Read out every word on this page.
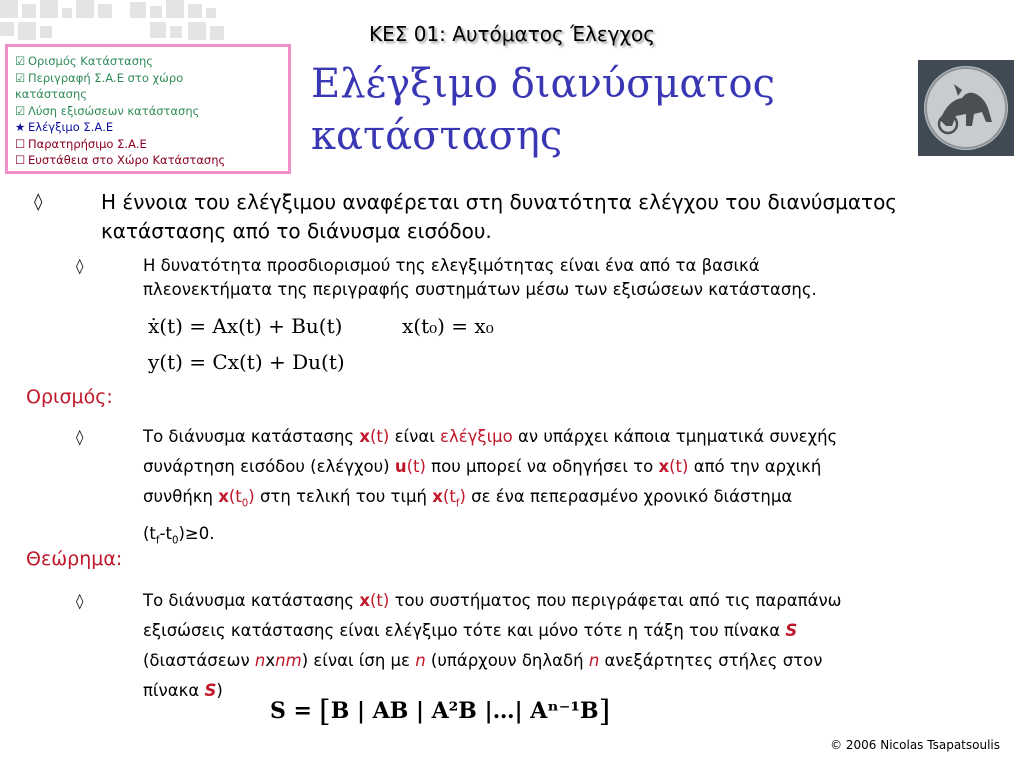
ΚΕΣ 01: Αυτόματος Έλεγχος
☑ Ορισμός Κατάστασης
☑ Περιγραφή Σ.Α.Ε στο χώρο
κατάστασης
☑ Λύση εξισώσεων κατάστασης
★ Ελέγξιμο Σ.Α.Ε
☐ Παρατηρήσιμο Σ.Α.Ε
☐ Ευστάθεια στο Χώρο Κατάστασης
Ελέγξιμο διανύσματος
κατάστασης
◊	Η έννοια του ελέγξιμου αναφέρεται στη δυνατότητα ελέγχου του διανύσματος
κατάστασης από το διάνυσμα εισόδου.
◊	Η δυνατότητα προσδιορισμού της ελεγξιμότητας είναι ένα από τα βασικά
πλεονεκτήματα της περιγραφής συστημάτων μέσω των εξισώσεων κατάστασης.
ẋ(t) = Ax(t) + Bu(t)	x(t₀) = x₀
y(t) = Cx(t) + Du(t)
Ορισμός:
◊	Το διάνυσμα κατάστασης x(t) είναι ελέγξιμο αν υπάρχει κάποια τμηματικά συνεχής
συνάρτηση εισόδου (ελέγχου) u(t) που μπορεί να οδηγήσει το x(t) από την αρχική
συνθήκη $x(t_0)$ στη τελική του τιμή $x(t_f)$ σε ένα πεπερασμένο χρονικό διάστημα
$(t_f-t_0)\ge 0$.
Θεώρημα:
◊	Το διάνυσμα κατάστασης x(t) του συστήματος που περιγράφεται από τις παραπάνω
εξισώσεις κατάστασης είναι ελέγξιμο τότε και μόνο τότε η τάξη του πίνακα S
(διαστάσεων nxnm) είναι ίση με n (υπάρχουν δηλαδή n ανεξάρτητες στήλες στον
πίνακα S)
S = [B | AB | A²B |…| Aⁿ⁻¹B]
© 2006 Nicolas Tsapatsoulis
